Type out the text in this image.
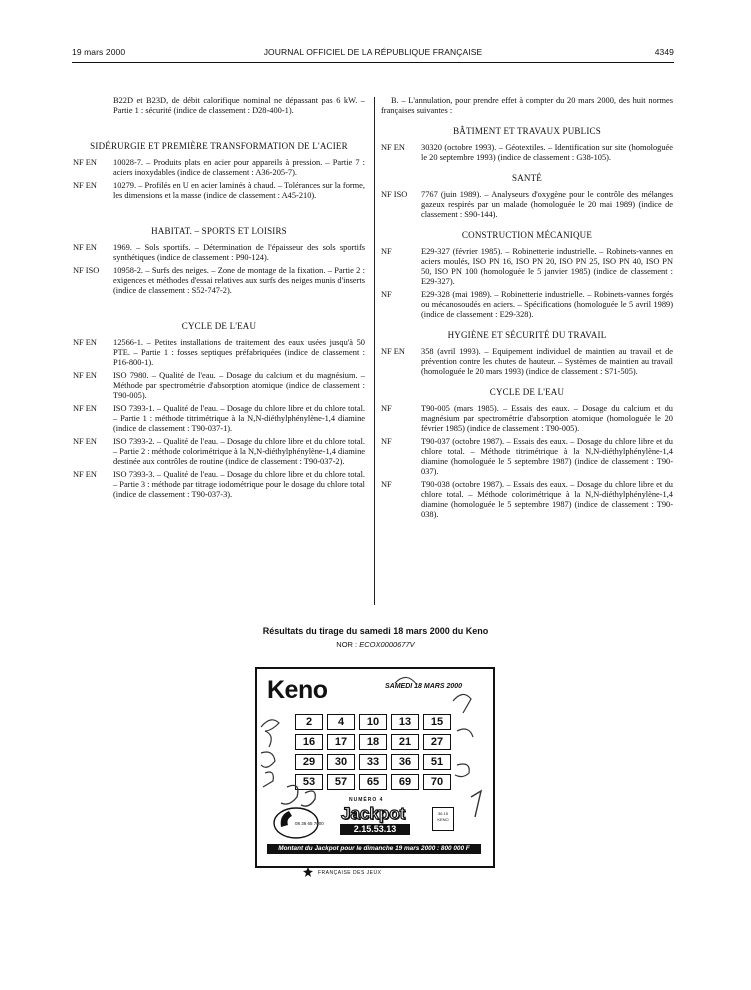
19 mars 2000	JOURNAL OFFICIEL DE LA RÉPUBLIQUE FRANÇAISE	4349
B22D et B23D, de débit calorifique nominal ne dépassant pas 6 kW. – Partie 1 : sécurité (indice de classement : D28-400-1).
SIDÉRURGIE ET PREMIÈRE TRANSFORMATION DE L'ACIER
NF EN	10028-7. – Produits plats en acier pour appareils à pression. – Partie 7 : aciers inoxydables (indice de classement : A36-205-7).
NF EN	10279. – Profilés en U en acier laminés à chaud. – Tolérances sur la forme, les dimensions et la masse (indice de classement : A45-210).
HABITAT. – SPORTS ET LOISIRS
NF EN	1969. – Sols sportifs. – Détermination de l'épaisseur des sols sportifs synthétiques (indice de classement : P90-124).
NF ISO	10958-2. – Surfs des neiges. – Zone de montage de la fixation. – Partie 2 : exigences et méthodes d'essai relatives aux surfs des neiges munis d'inserts (indice de classement : S52-747-2).
CYCLE DE L'EAU
NF EN	12566-1. – Petites installations de traitement des eaux usées jusqu'à 50 PTE. – Partie 1 : fosses septiques préfabriquées (indice de classement : P16-800-1).
NF EN	ISO 7980. – Qualité de l'eau. – Dosage du calcium et du magnésium. – Méthode par spectrométrie d'absorption atomique (indice de classement : T90-005).
NF EN	ISO 7393-1. – Qualité de l'eau. – Dosage du chlore libre et du chlore total. – Partie 1 : méthode titrimétrique à la N,N-diéthylphénylène-1,4 diamine (indice de classement : T90-037-1).
NF EN	ISO 7393-2. – Qualité de l'eau. – Dosage du chlore libre et du chlore total. – Partie 2 : méthode colorimétrique à la N,N-diéthylphénylène-1,4 diamine destinée aux contrôles de routine (indice de classement : T90-037-2).
NF EN	ISO 7393-3. – Qualité de l'eau. – Dosage du chlore libre et du chlore total. – Partie 3 : méthode par titrage iodométrique pour le dosage du chlore total (indice de classement : T90-037-3).
B. – L'annulation, pour prendre effet à compter du 20 mars 2000, des huit normes françaises suivantes :
BÂTIMENT ET TRAVAUX PUBLICS
NF EN	30320 (octobre 1993). – Géotextiles. – Identification sur site (homologuée le 20 septembre 1993) (indice de classement : G38-105).
SANTÉ
NF ISO	7767 (juin 1989). – Analyseurs d'oxygène pour le contrôle des mélanges gazeux respirés par un malade (homologuée le 20 mai 1989) (indice de classement : S90-144).
CONSTRUCTION MÉCANIQUE
NF	E29-327 (février 1985). – Robinetterie industrielle. – Robinets-vannes en aciers moulés, ISO PN 16, ISO PN 20, ISO PN 25, ISO PN 40, ISO PN 50, ISO PN 100 (homologuée le 5 janvier 1985) (indice de classement : E29-327).
NF	E29-328 (mai 1989). – Robinetterie industrielle. – Robinets-vannes forgés ou mécanosoudés en aciers. – Spécifications (homologuée le 5 avril 1989) (indice de classement : E29-328).
HYGIÈNE ET SÉCURITÉ DU TRAVAIL
NF EN	358 (avril 1993). – Equipement individuel de maintien au travail et de prévention contre les chutes de hauteur. – Systèmes de maintien au travail (homologuée le 20 mars 1993) (indice de classement : S71-505).
CYCLE DE L'EAU
NF	T90-005 (mars 1985). – Essais des eaux. – Dosage du calcium et du magnésium par spectrométrie d'absorption atomique (homologuée le 20 février 1985) (indice de classement : T90-005).
NF	T90-037 (octobre 1987). – Essais des eaux. – Dosage du chlore libre et du chlore total. – Méthode titrimétrique à la N,N-diéthylphénylène-1,4 diamine (homologuée le 5 septembre 1987) (indice de classement : T90-037).
NF	T90-038 (octobre 1987). – Essais des eaux. – Dosage du chlore libre et du chlore total. – Méthode colorimétrique à la N,N-diéthylphénylène-1,4 diamine (homologuée le 5 septembre 1987) (indice de classement : T90-038).
Résultats du tirage du samedi 18 mars 2000 du Keno
NOR : ECOX0000677V
Keno	SAMEDI 18 MARS 2000
2	4	10	13	15
16	17	18	21	27
29	30	33	36	51
53	57	65	69	70
08 36 65 7000
NUMÉRO 4
Jackpot
2.15.53.13
36 15 KENO
Montant du Jackpot pour le dimanche 19 mars 2000 : 800 000 F
FRANÇAISE DES JEUX
